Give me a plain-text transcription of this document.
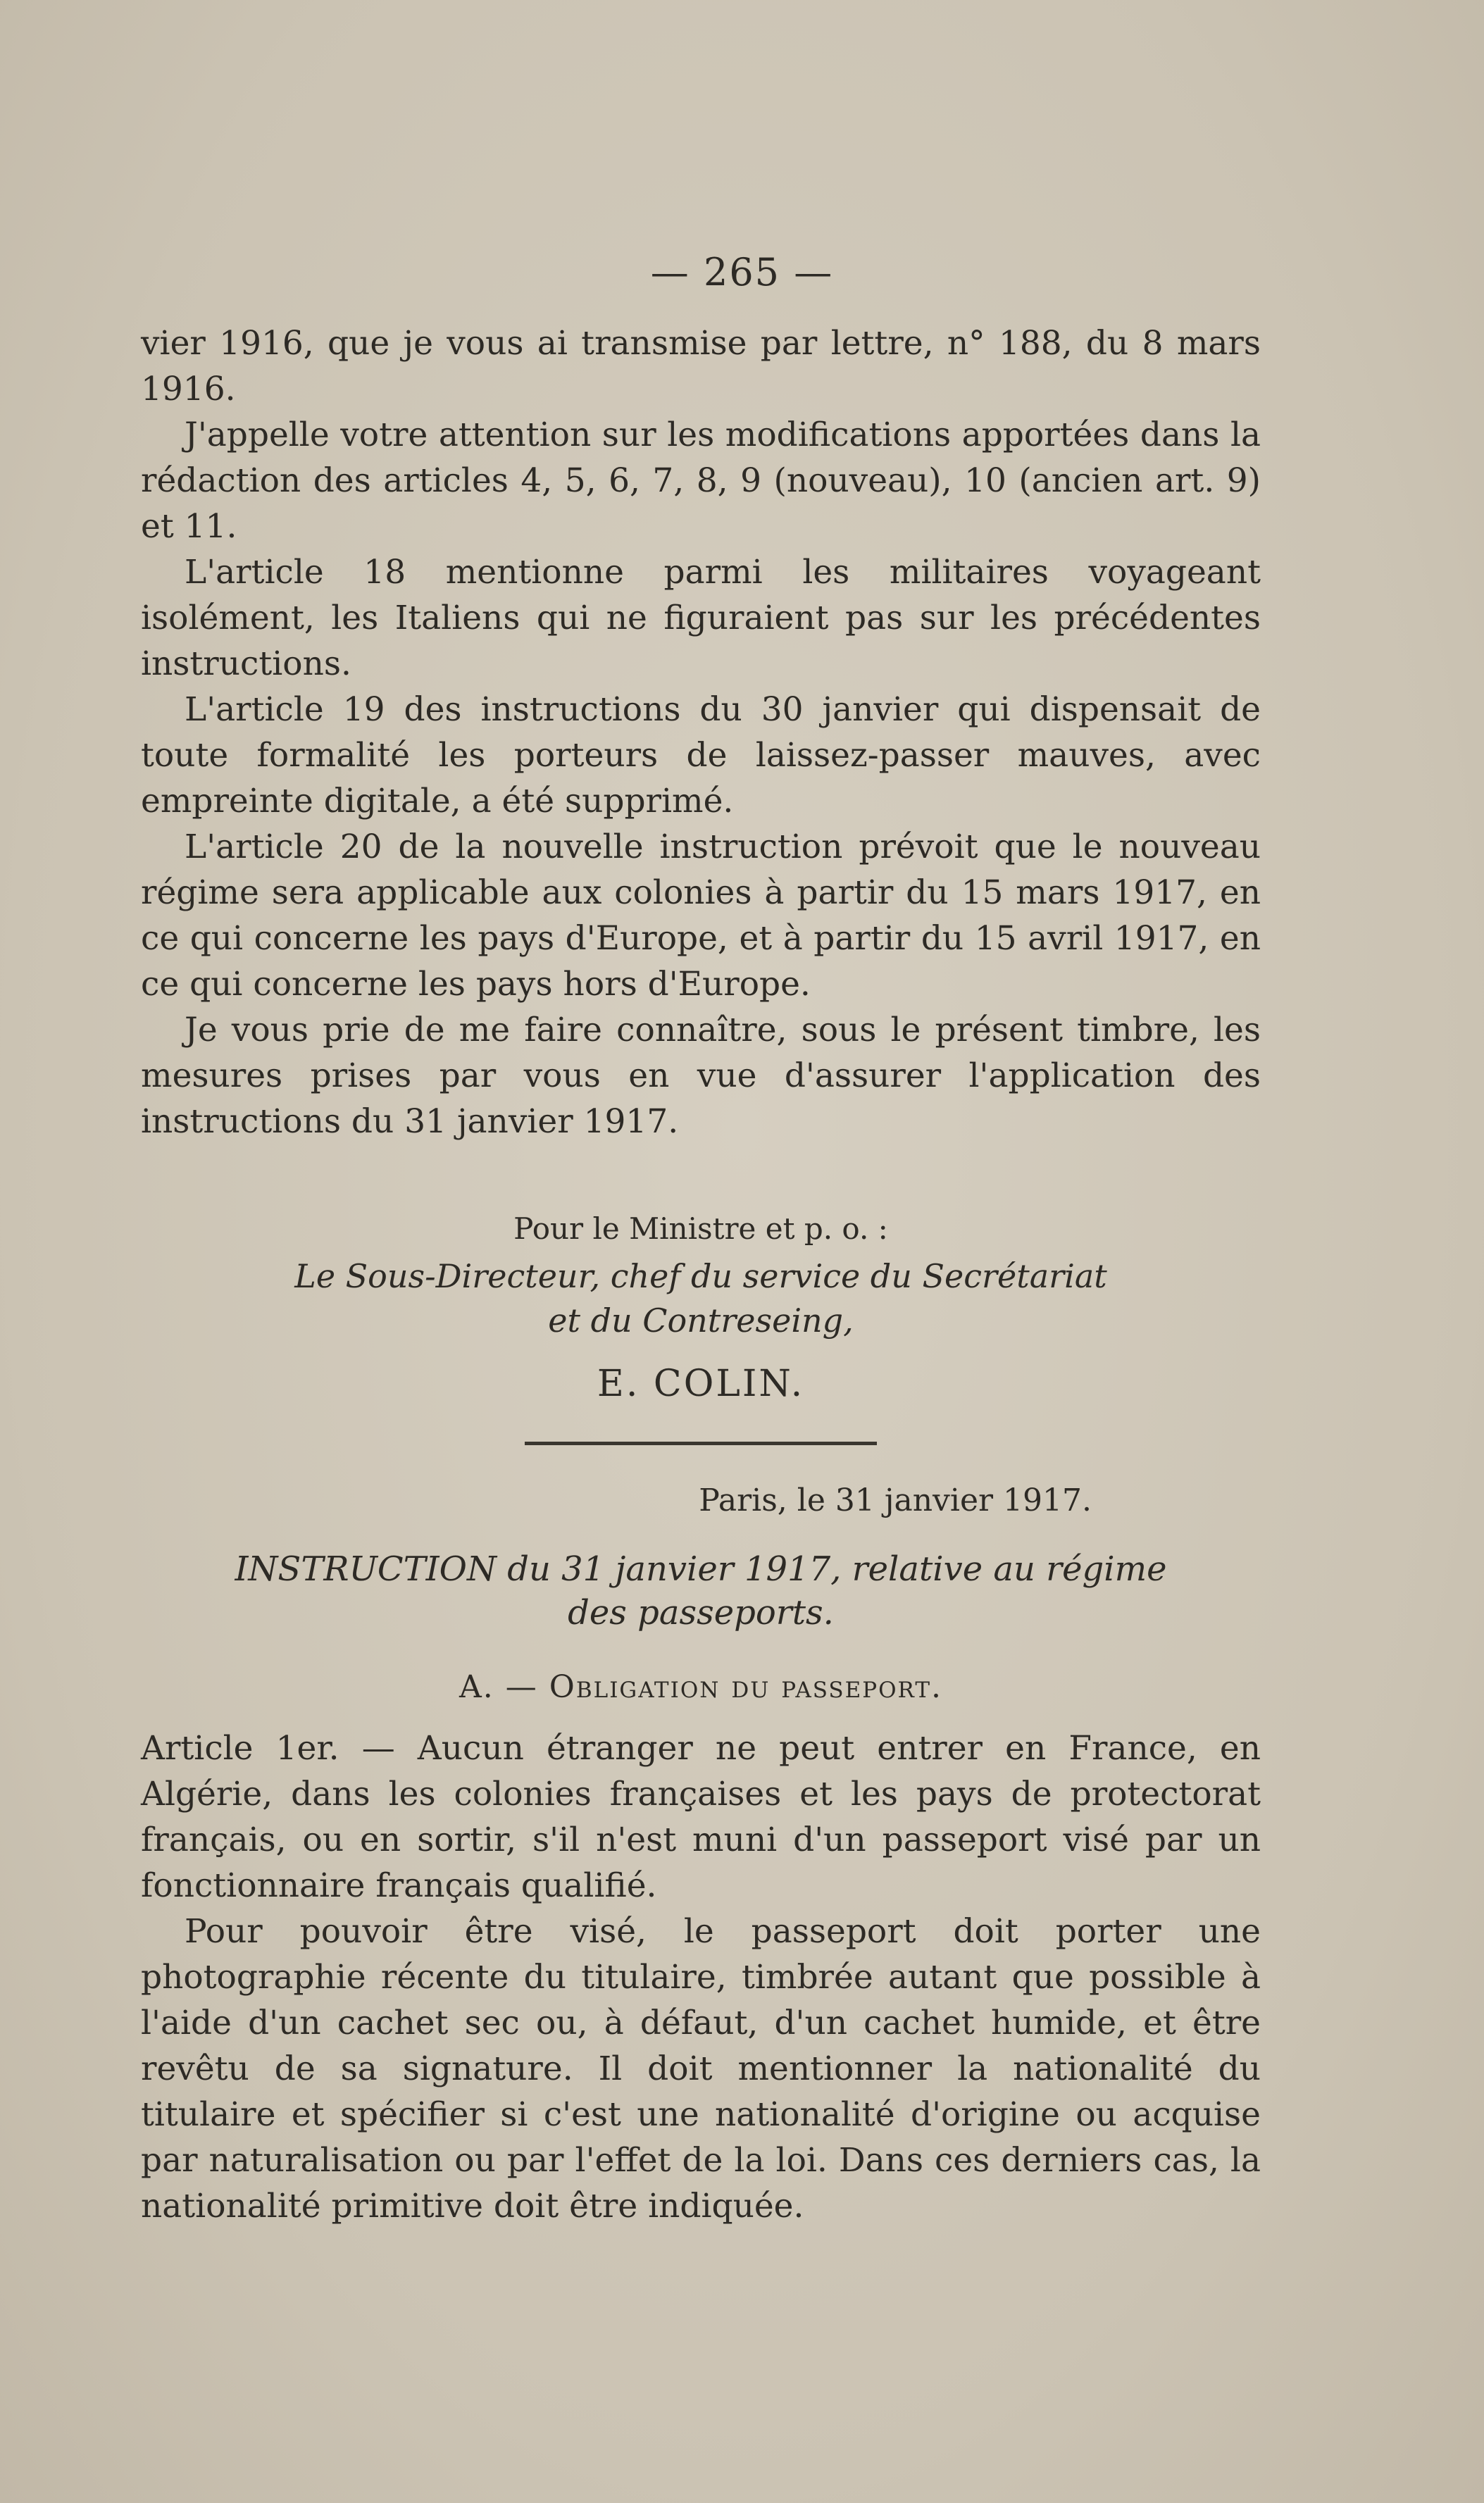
— 265 —

vier 1916, que je vous ai transmise par lettre, n° 188, du 8 mars 1916.

J'appelle votre attention sur les modifications apportées dans la rédaction des articles 4, 5, 6, 7, 8, 9 (nouveau), 10 (ancien art. 9) et 11.

L'article 18 mentionne parmi les militaires voyageant isolément, les Italiens qui ne figuraient pas sur les précédentes instructions.

L'article 19 des instructions du 30 janvier qui dispensait de toute formalité les porteurs de laissez-passer mauves, avec empreinte digitale, a été supprimé.

L'article 20 de la nouvelle instruction prévoit que le nouveau régime sera applicable aux colonies à partir du 15 mars 1917, en ce qui concerne les pays d'Europe, et à partir du 15 avril 1917, en ce qui concerne les pays hors d'Europe.

Je vous prie de me faire connaître, sous le présent timbre, les mesures prises par vous en vue d'assurer l'application des instructions du 31 janvier 1917.

Pour le Ministre et p. o. :
Le Sous-Directeur, chef du service du Secrétariat
et du Contreseing,
E. COLIN.
Paris, le 31 janvier 1917.
INSTRUCTION du 31 janvier 1917, relative au régime
des passeports.
A. — Obligation du passeport.

Article 1er. — Aucun étranger ne peut entrer en France, en Algérie, dans les colonies françaises et les pays de protectorat français, ou en sortir, s'il n'est muni d'un passeport visé par un fonctionnaire français qualifié.

Pour pouvoir être visé, le passeport doit porter une photographie récente du titulaire, timbrée autant que possible à l'aide d'un cachet sec ou, à défaut, d'un cachet humide, et être revêtu de sa signature. Il doit mentionner la nationalité du titulaire et spécifier si c'est une nationalité d'origine ou acquise par naturalisation ou par l'effet de la loi. Dans ces derniers cas, la nationalité primitive doit être indiquée.
